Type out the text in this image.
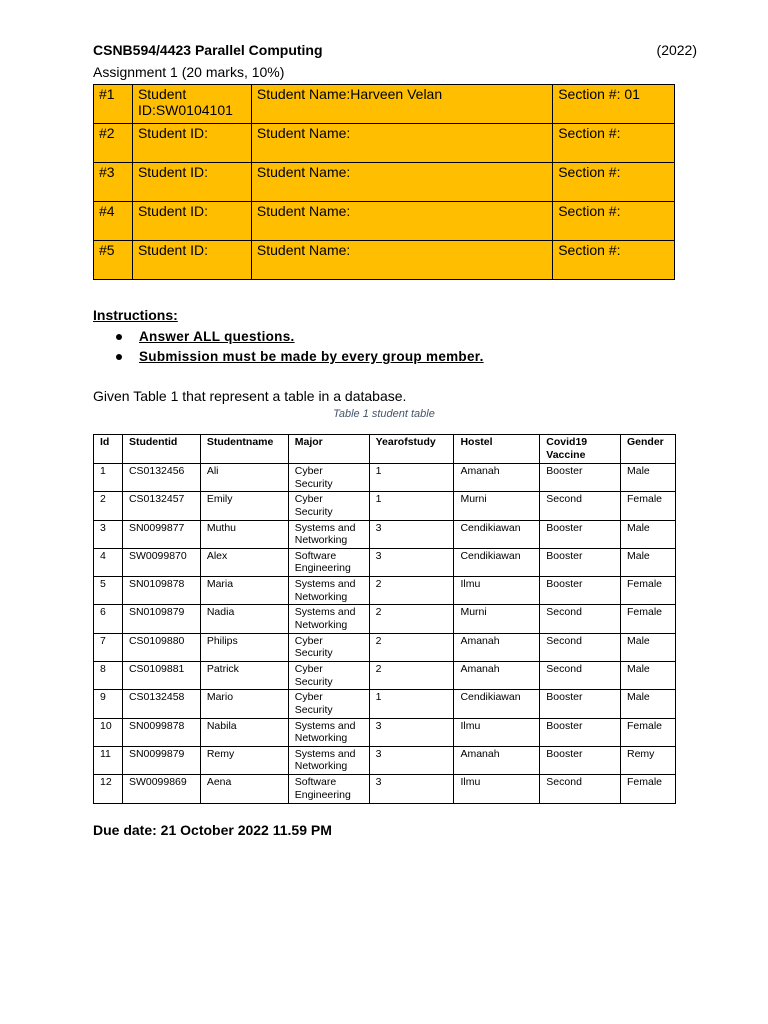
CSNB594/4423 Parallel Computing	(2022)
Assignment 1 (20 marks, 10%)
#1	Student ID:SW0104101	Student Name:Harveen Velan	Section #: 01
#2	Student ID:	Student Name:	Section #:
#3	Student ID:	Student Name:	Section #:
#4	Student ID:	Student Name:	Section #:
#5	Student ID:	Student Name:	Section #:
Instructions:
Answer ALL questions.
Submission must be made by every group member.
Given Table 1 that represent a table in a database.
Table 1 student table
Id	Studentid	Studentname	Major	Yearofstudy	Hostel	Covid19 Vaccine	Gender
1	CS0132456	Ali	Cyber Security	1	Amanah	Booster	Male
2	CS0132457	Emily	Cyber Security	1	Murni	Second	Female
3	SN0099877	Muthu	Systems and Networking	3	Cendikiawan	Booster	Male
4	SW0099870	Alex	Software Engineering	3	Cendikiawan	Booster	Male
5	SN0109878	Maria	Systems and Networking	2	Ilmu	Booster	Female
6	SN0109879	Nadia	Systems and Networking	2	Murni	Second	Female
7	CS0109880	Philips	Cyber Security	2	Amanah	Second	Male
8	CS0109881	Patrick	Cyber Security	2	Amanah	Second	Male
9	CS0132458	Mario	Cyber Security	1	Cendikiawan	Booster	Male
10	SN0099878	Nabila	Systems and Networking	3	Ilmu	Booster	Female
11	SN0099879	Remy	Systems and Networking	3	Amanah	Booster	Remy
12	SW0099869	Aena	Software Engineering	3	Ilmu	Second	Female
Due date: 21 October 2022 11.59 PM
